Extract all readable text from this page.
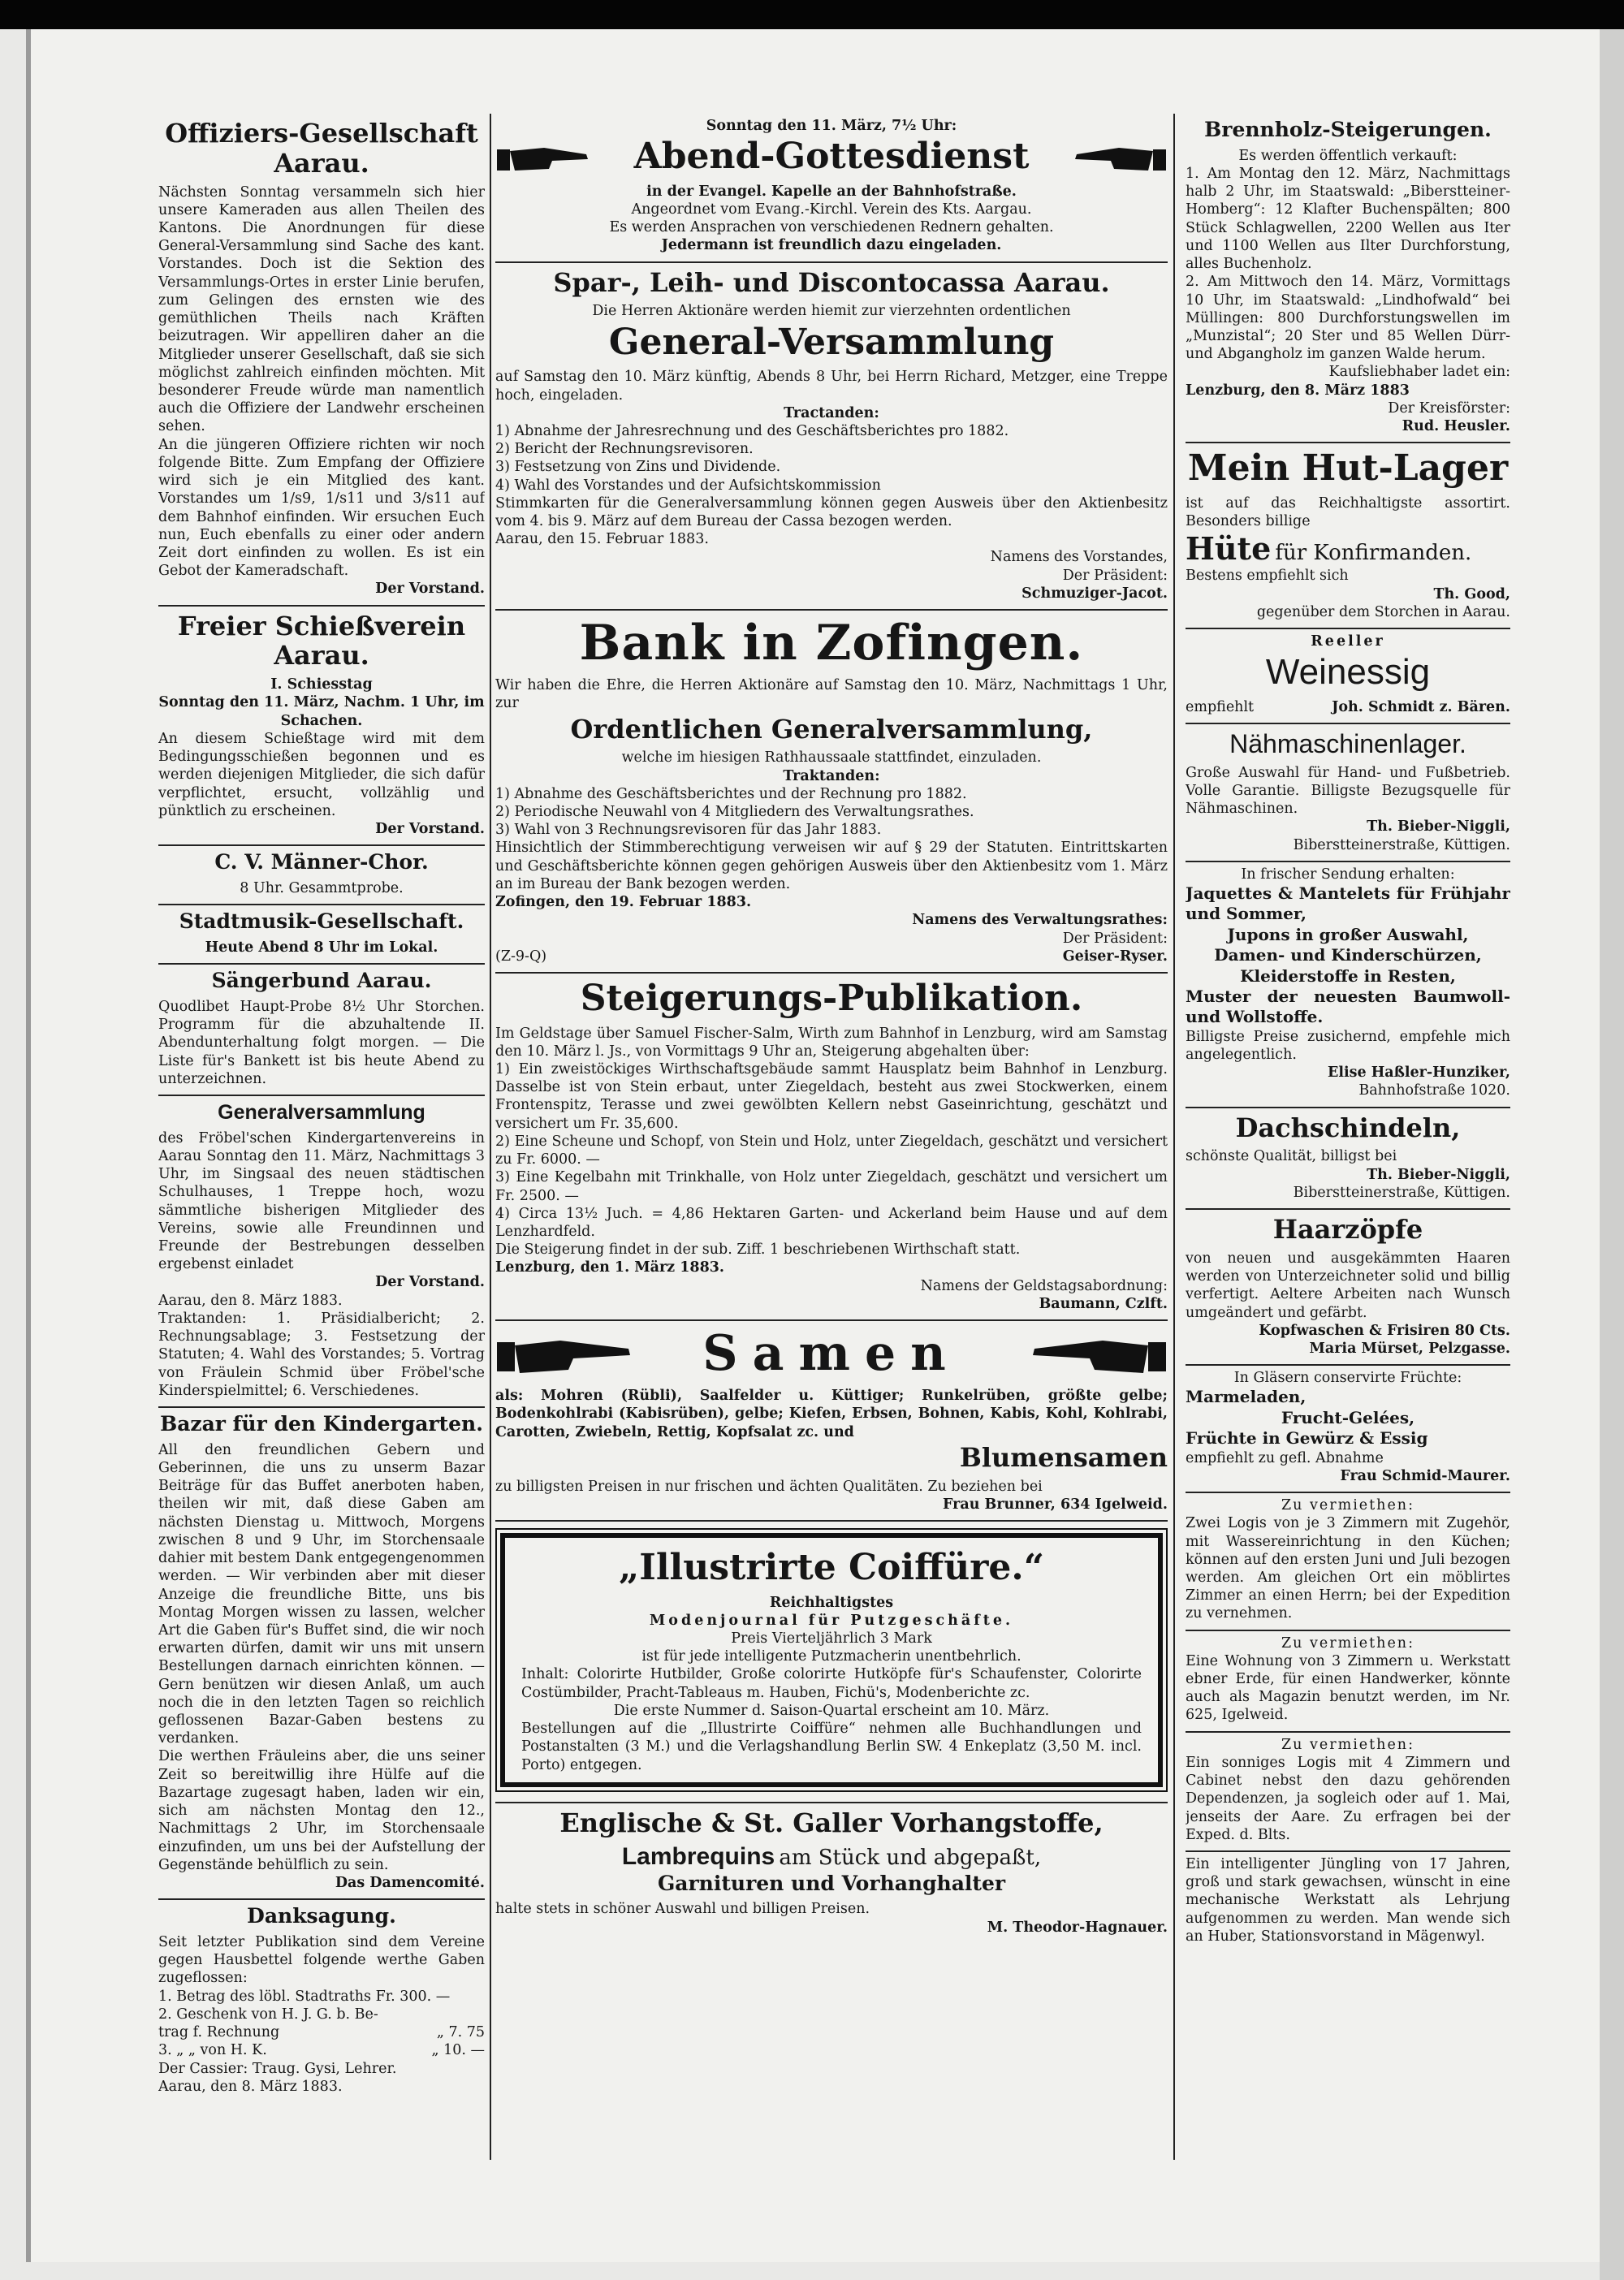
Offiziers-Gesellschaft Aarau.

Nächsten Sonntag versammeln sich hier unsere Kameraden aus allen Theilen des Kantons. Die Anordnungen für diese General-Versammlung sind Sache des kant. Vorstandes. Doch ist die Sektion des Versammlungs-Ortes in erster Linie berufen, zum Gelingen des ernsten wie des gemüthlichen Theils nach Kräften beizutragen. Wir appelliren daher an die Mitglieder unserer Gesellschaft, daß sie sich möglichst zahlreich einfinden möchten. Mit besonderer Freude würde man namentlich auch die Offiziere der Landwehr erscheinen sehen.

An die jüngeren Offiziere richten wir noch folgende Bitte. Zum Empfang der Offiziere wird sich je ein Mitglied des kant. Vorstandes um 1/s9, 1/s11 und 3/s11 auf dem Bahnhof einfinden. Wir ersuchen Euch nun, Euch ebenfalls zu einer oder andern Zeit dort einfinden zu wollen. Es ist ein Gebot der Kameradschaft.

Der Vorstand.
Freier Schießverein Aarau.
I. Schiesstag
Sonntag den 11. März, Nachm. 1 Uhr, im Schachen.

An diesem Schießtage wird mit dem Bedingungsschießen begonnen und es werden diejenigen Mitglieder, die sich dafür verpflichtet, ersucht, vollzählig und pünktlich zu erscheinen.

Der Vorstand.
C. V. Männer-Chor.
8 Uhr. Gesammtprobe.
Stadtmusik-Gesellschaft.
Heute Abend 8 Uhr im Lokal.
Sängerbund Aarau.

Quodlibet Haupt-Probe 8½ Uhr Storchen. Programm für die abzuhaltende II. Abendunterhaltung folgt morgen. — Die Liste für's Bankett ist bis heute Abend zu unterzeichnen.

Generalversammlung

des Fröbel'schen Kindergartenvereins in Aarau Sonntag den 11. März, Nachmittags 3 Uhr, im Singsaal des neuen städtischen Schulhauses, 1 Treppe hoch, wozu sämmtliche bisherigen Mitglieder des Vereins, sowie alle Freundinnen und Freunde der Bestrebungen desselben ergebenst einladet

Der Vorstand.
Aarau, den 8. März 1883.

Traktanden: 1. Präsidialbericht; 2. Rechnungsablage; 3. Festsetzung der Statuten; 4. Wahl des Vorstandes; 5. Vortrag von Fräulein Schmid über Fröbel'sche Kinderspielmittel; 6. Verschiedenes.

Bazar für den Kindergarten.

All den freundlichen Gebern und Geberinnen, die uns zu unserm Bazar Beiträge für das Buffet anerboten haben, theilen wir mit, daß diese Gaben am nächsten Dienstag u. Mittwoch, Morgens zwischen 8 und 9 Uhr, im Storchensaale dahier mit bestem Dank entgegengenommen werden. — Wir verbinden aber mit dieser Anzeige die freundliche Bitte, uns bis Montag Morgen wissen zu lassen, welcher Art die Gaben für's Buffet sind, die wir noch erwarten dürfen, damit wir uns mit unsern Bestellungen darnach einrichten können. — Gern benützen wir diesen Anlaß, um auch noch die in den letzten Tagen so reichlich geflossenen Bazar-Gaben bestens zu verdanken.

Die werthen Fräuleins aber, die uns seiner Zeit so bereitwillig ihre Hülfe auf die Bazartage zugesagt haben, laden wir ein, sich am nächsten Montag den 12., Nachmittags 2 Uhr, im Storchensaale einzufinden, um uns bei der Aufstellung der Gegenstände behülflich zu sein.

Das Damencomité.
Danksagung.

Seit letzter Publikation sind dem Vereine gegen Hausbettel folgende werthe Gaben zugeflossen:

1. Betrag des löbl. Stadtraths Fr. 300. —
2. Geschenk von H. J. G. b. Be-
trag f. Rechnung	„ 7. 75
3. „ „ von H. K.	„ 10. —
Der Cassier: Traug. Gysi, Lehrer.
Aarau, den 8. März 1883.
Sonntag den 11. März, 7½ Uhr:
Abend-Gottesdienst
in der Evangel. Kapelle an der Bahnhofstraße.
Angeordnet vom Evang.-Kirchl. Verein des Kts. Aargau.
Es werden Ansprachen von verschiedenen Rednern gehalten.
Jedermann ist freundlich dazu eingeladen.
Spar-, Leih- und Discontocassa Aarau.
Die Herren Aktionäre werden hiemit zur vierzehnten ordentlichen
General-Versammlung

auf Samstag den 10. März künftig, Abends 8 Uhr, bei Herrn Richard, Metzger, eine Treppe hoch, eingeladen.

Tractanden:
1) Abnahme der Jahresrechnung und des Geschäftsberichtes pro 1882.
2) Bericht der Rechnungsrevisoren.
3) Festsetzung von Zins und Dividende.
4) Wahl des Vorstandes und der Aufsichtskommission

Stimmkarten für die Generalversammlung können gegen Ausweis über den Aktienbesitz vom 4. bis 9. März auf dem Bureau der Cassa bezogen werden.

Aarau, den 15. Februar 1883.
Namens des Vorstandes,
Der Präsident:
Schmuziger-Jacot.
Bank in Zofingen.

Wir haben die Ehre, die Herren Aktionäre auf Samstag den 10. März, Nachmittags 1 Uhr, zur

Ordentlichen Generalversammlung,
welche im hiesigen Rathhaussaale stattfindet, einzuladen.
Traktanden:
1) Abnahme des Geschäftsberichtes und der Rechnung pro 1882.
2) Periodische Neuwahl von 4 Mitgliedern des Verwaltungsrathes.
3) Wahl von 3 Rechnungsrevisoren für das Jahr 1883.

Hinsichtlich der Stimmberechtigung verweisen wir auf § 29 der Statuten. Eintrittskarten und Geschäftsberichte können gegen gehörigen Ausweis über den Aktienbesitz vom 1. März an im Bureau der Bank bezogen werden.

Zofingen, den 19. Februar 1883.
Namens des Verwaltungsrathes:
Der Präsident:
(Z-9-Q)	Geiser-Ryser.
Steigerungs-Publikation.

Im Geldstage über Samuel Fischer-Salm, Wirth zum Bahnhof in Lenzburg, wird am Samstag den 10. März l. Js., von Vormittags 9 Uhr an, Steigerung abgehalten über:

1) Ein zweistöckiges Wirthschaftsgebäude sammt Hausplatz beim Bahnhof in Lenzburg. Dasselbe ist von Stein erbaut, unter Ziegeldach, besteht aus zwei Stockwerken, einem Frontenspitz, Terasse und zwei gewölbten Kellern nebst Gaseinrichtung, geschätzt und versichert um Fr. 35,600.
2) Eine Scheune und Schopf, von Stein und Holz, unter Ziegeldach, geschätzt und versichert zu Fr. 6000. —
3) Eine Kegelbahn mit Trinkhalle, von Holz unter Ziegeldach, geschätzt und versichert um Fr. 2500. —
4) Circa 13½ Juch. = 4,86 Hektaren Garten- und Ackerland beim Hause und auf dem Lenzhardfeld.

Die Steigerung findet in der sub. Ziff. 1 beschriebenen Wirthschaft statt.

Lenzburg, den 1. März 1883.
Namens der Geldstagsabordnung:
Baumann, Czlft.
Samen

als: Mohren (Rübli), Saalfelder u. Küttiger; Runkelrüben, größte gelbe; Bodenkohlrabi (Kabisrüben), gelbe; Kiefen, Erbsen, Bohnen, Kabis, Kohl, Kohlrabi, Carotten, Zwiebeln, Rettig, Kopfsalat zc. und

Blumensamen

zu billigsten Preisen in nur frischen und ächten Qualitäten. Zu beziehen bei

Frau Brunner, 634 Igelweid.
„Illustrirte Coiffüre.“
Reichhaltigstes
Modenjournal für Putzgeschäfte.
Preis Vierteljährlich 3 Mark
ist für jede intelligente Putzmacherin unentbehrlich.

Inhalt: Colorirte Hutbilder, Große colorirte Hutköpfe für's Schaufenster, Colorirte Costümbilder, Pracht-Tableaus m. Hauben, Fichü's, Modenberichte zc.

Die erste Nummer d. Saison-Quartal erscheint am 10. März.

Bestellungen auf die „Illustrirte Coiffüre“ nehmen alle Buchhandlungen und Postanstalten (3 M.) und die Verlagshandlung Berlin SW. 4 Enkeplatz (3,50 M. incl. Porto) entgegen.

Englische & St. Galler Vorhangstoffe,
Lambrequins am Stück und abgepaßt,
Garnituren und Vorhanghalter
halte stets in schöner Auswahl und billigen Preisen.
M. Theodor-Hagnauer.
Brennholz-Steigerungen.
Es werden öffentlich verkauft:

1. Am Montag den 12. März, Nachmittags halb 2 Uhr, im Staatswald: „Biberstteiner-Homberg“: 12 Klafter Buchenspälten; 800 Stück Schlagwellen, 2200 Wellen aus Iter und 1100 Wellen aus Ilter Durchforstung, alles Buchenholz.

2. Am Mittwoch den 14. März, Vormittags 10 Uhr, im Staatswald: „Lindhofwald“ bei Müllingen: 800 Durchforstungswellen im „Munzistal“; 20 Ster und 85 Wellen Dürr- und Abgangholz im ganzen Walde herum.

Kaufsliebhaber ladet ein:
Lenzburg, den 8. März 1883
Der Kreisförster:
Rud. Heusler.
Mein Hut-Lager

ist auf das Reichhaltigste assortirt. Besonders billige

Hüte für Konfirmanden.
Bestens empfiehlt sich
Th. Good,
gegenüber dem Storchen in Aarau.
Reeller
Weinessig
empfiehlt	Joh. Schmidt z. Bären.
Nähmaschinenlager.

Große Auswahl für Hand- und Fußbetrieb. Volle Garantie. Billigste Bezugsquelle für Nähmaschinen.

Th. Bieber-Niggli,
Biberstteinerstraße, Küttigen.
In frischer Sendung erhalten:
Jaquettes & Mantelets für Frühjahr und Sommer,
Jupons in großer Auswahl,
Damen- und Kinderschürzen,
Kleiderstoffe in Resten,
Muster der neuesten Baumwoll- und Wollstoffe.

Billigste Preise zusichernd, empfehle mich angelegentlich.

Elise Haßler-Hunziker,
Bahnhofstraße 1020.
Dachschindeln,
schönste Qualität, billigst bei
Th. Bieber-Niggli,
Biberstteinerstraße, Küttigen.
Haarzöpfe

von neuen und ausgekämmten Haaren werden von Unterzeichneter solid und billig verfertigt. Aeltere Arbeiten nach Wunsch umgeändert und gefärbt.

Kopfwaschen & Frisiren 80 Cts.
Maria Mürset, Pelzgasse.
In Gläsern conservirte Früchte:
Marmeladen,
Frucht-Gelées,
Früchte in Gewürz & Essig
empfiehlt zu gefl. Abnahme
Frau Schmid-Maurer.
Zu vermiethen:

Zwei Logis von je 3 Zimmern mit Zugehör, mit Wassereinrichtung in den Küchen; können auf den ersten Juni und Juli bezogen werden. Am gleichen Ort ein möblirtes Zimmer an einen Herrn; bei der Expedition zu vernehmen.

Zu vermiethen:

Eine Wohnung von 3 Zimmern u. Werkstatt ebner Erde, für einen Handwerker, könnte auch als Magazin benutzt werden, im Nr. 625, Igelweid.

Zu vermiethen:

Ein sonniges Logis mit 4 Zimmern und Cabinet nebst den dazu gehörenden Dependenzen, ja sogleich oder auf 1. Mai, jenseits der Aare. Zu erfragen bei der Exped. d. Blts.

Ein intelligenter Jüngling von 17 Jahren, groß und stark gewachsen, wünscht in eine mechanische Werkstatt als Lehrjung aufgenommen zu werden. Man wende sich an Huber, Stationsvorstand in Mägenwyl.
